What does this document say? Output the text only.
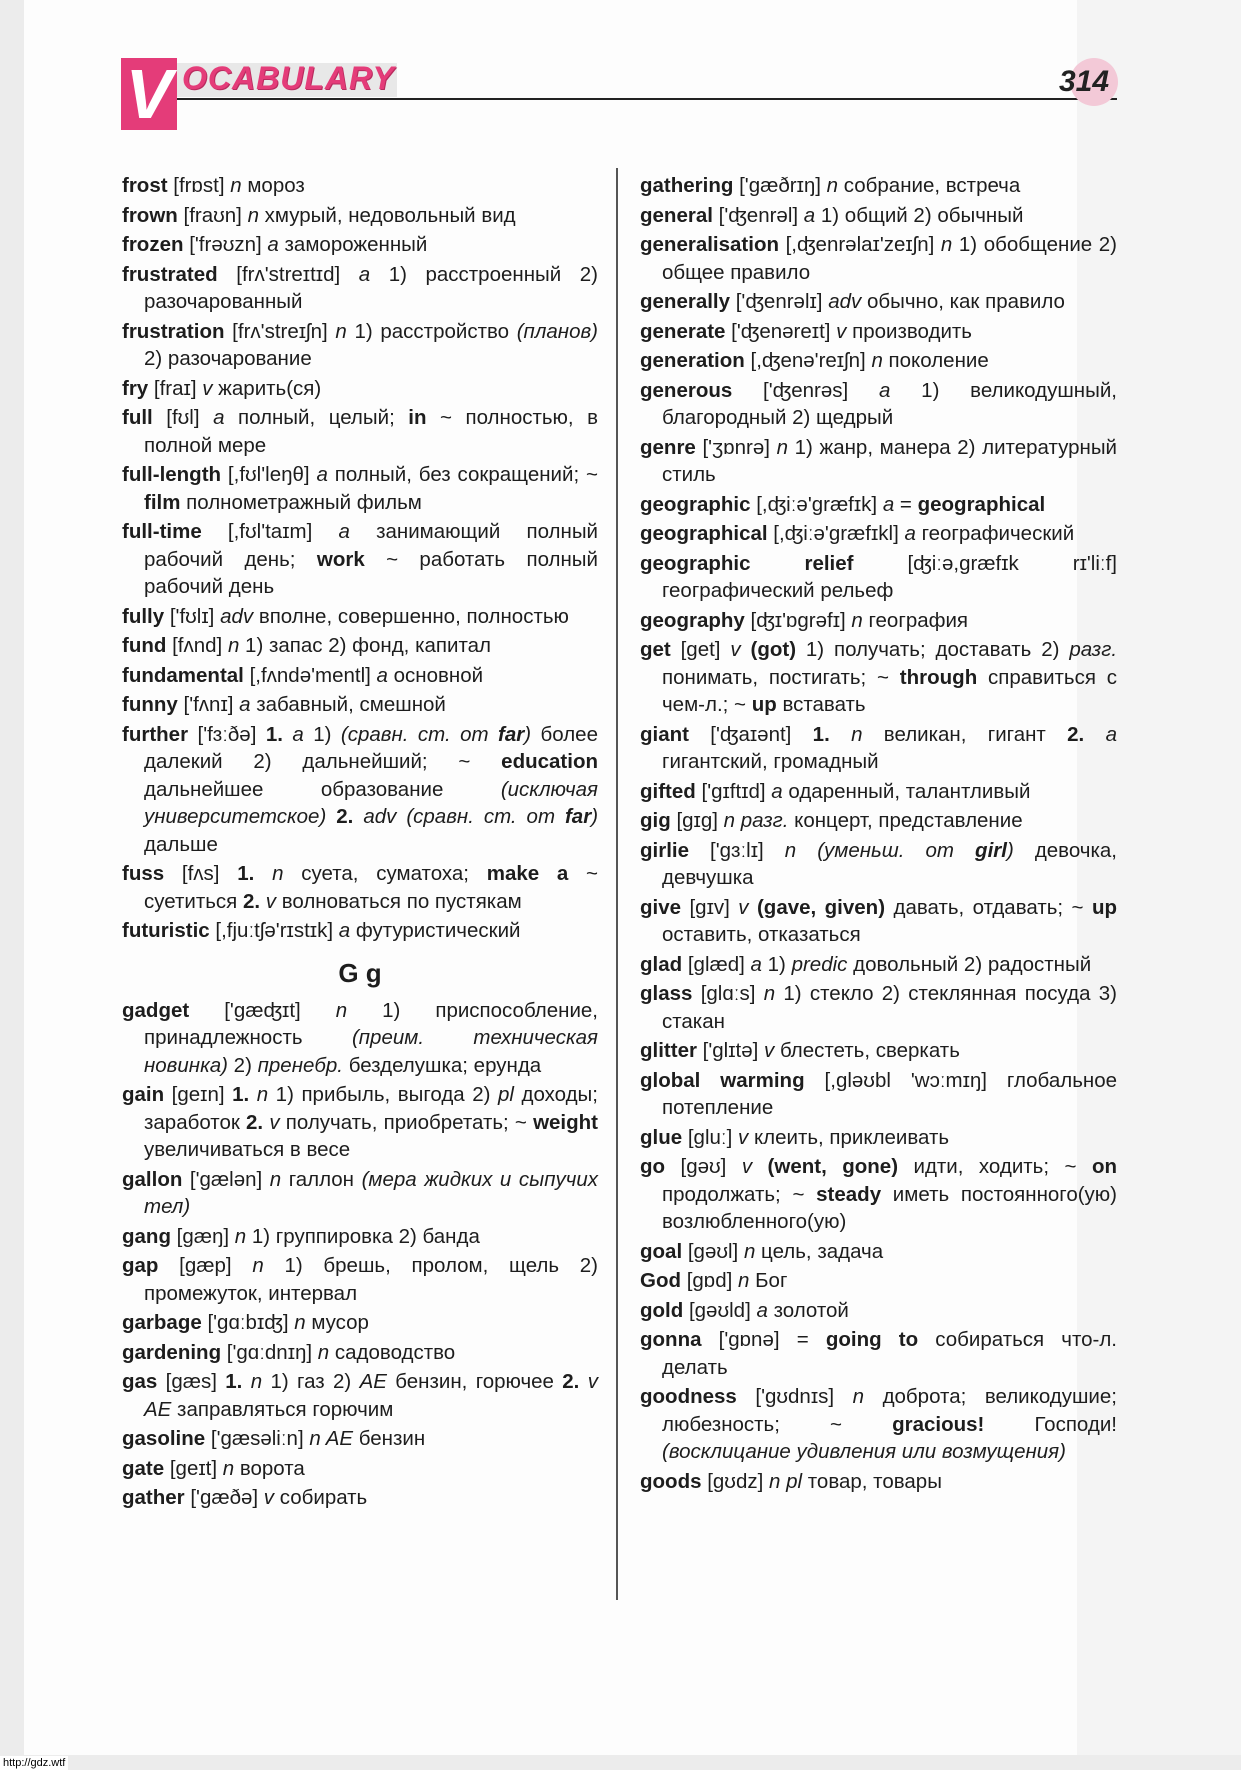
V OCABULARY	314

frost [frɒst] n мороз

frown [fraʊn] n хмурый, недовольный вид

frozen ['frəʊzn] a замороженный

frustrated [frʌ'streɪtɪd] a 1) расстроенный 2) разочарованный

frustration [frʌ'streɪʃn] n 1) расстройство (планов) 2) разочарование

fry [fraɪ] v жарить(ся)

full [fʊl] a полный, целый; in ~ полностью, в полной мере

full-length [,fʊl'leŋθ] a полный, без сокращений; ~ film полнометражный фильм

full-time [,fʊl'taɪm] a занимающий полный рабочий день; work ~ работать полный рабочий день

fully ['fʊlɪ] adv вполне, совершенно, полностью

fund [fʌnd] n 1) запас 2) фонд, капитал

fundamental [,fʌndə'mentl] a основной

funny ['fʌnɪ] a забавный, смешной

further ['fɜːðə] 1. a 1) (сравн. ст. от far) более далекий 2) дальнейший; ~ education дальнейшее образование (исключая университетское) 2. adv (сравн. ст. от far) дальше

fuss [fʌs] 1. n суета, суматоха; make a ~ суетиться 2. v волноваться по пустякам

futuristic [,fjuːtʃə'rɪstɪk] a футуристический

G g

gadget ['gæʤɪt] n 1) приспособление, принадлежность (преим. техническая новинка) 2) пренебр. безделушка; ерунда

gain [geɪn] 1. n 1) прибыль, выгода 2) pl доходы; заработок 2. v получать, приобретать; ~ weight увеличиваться в весе

gallon ['gælən] n галлон (мера жидких и сыпучих тел)

gang [gæŋ] n 1) группировка 2) банда

gap [gæp] n 1) брешь, пролом, щель 2) промежуток, интервал

garbage ['gɑːbɪʤ] n мусор

gardening ['gɑːdnɪŋ] n садоводство

gas [gæs] 1. n 1) газ 2) AE бензин, горючее 2. v AE заправляться горючим

gasoline ['gæsəliːn] n AE бензин

gate [geɪt] n ворота

gather ['gæðə] v собирать

gathering ['gæðrɪŋ] n собрание, встреча

general ['ʤenrəl] a 1) общий 2) обычный

generalisation [,ʤenrəlaɪ'zeɪʃn] n 1) обобщение 2) общее правило

generally ['ʤenrəlɪ] adv обычно, как правило

generate ['ʤenəreɪt] v производить

generation [,ʤenə'reɪʃn] n поколение

generous ['ʤenrəs] a 1) великодушный, благородный 2) щедрый

genre ['ʒɒnrə] n 1) жанр, манера 2) литературный стиль

geographic [,ʤiːə'græfɪk] a = geographical

geographical [,ʤiːə'græfɪkl] a географический

geographic relief [ʤiːə,græfɪk rɪ'liːf] географический рельеф

geography [ʤɪ'ɒgrəfɪ] n география

get [get] v (got) 1) получать; доставать 2) разг. понимать, постигать; ~ through справиться с чем-л.; ~ up вставать

giant ['ʤaɪənt] 1. n великан, гигант 2. a гигантский, громадный

gifted ['gɪftɪd] a одаренный, талантливый

gig [gɪg] n разг. концерт, представление

girlie ['gɜːlɪ] n (уменьш. от girl) девочка, девчушка

give [gɪv] v (gave, given) давать, отдавать; ~ up оставить, отказаться

glad [glæd] a 1) predic довольный 2) радостный

glass [glɑːs] n 1) стекло 2) стеклянная посуда 3) стакан

glitter ['glɪtə] v блестеть, сверкать

global warming [,gləʊbl 'wɔːmɪŋ] глобальное потепление

glue [gluː] v клеить, приклеивать

go [gəʊ] v (went, gone) идти, ходить; ~ on продолжать; ~ steady иметь постоянного(ую) возлюбленного(ую)

goal [gəʊl] n цель, задача

God [gɒd] n Бог

gold [gəʊld] a золотой

gonna ['gɒnə] = going to собираться что-л. делать

goodness ['gʊdnɪs] n доброта; великодушие; любезность; ~ gracious! Господи! (восклицание удивления или возмущения)

goods [gʊdz] n pl товар, товары

http://gdz.wtf
